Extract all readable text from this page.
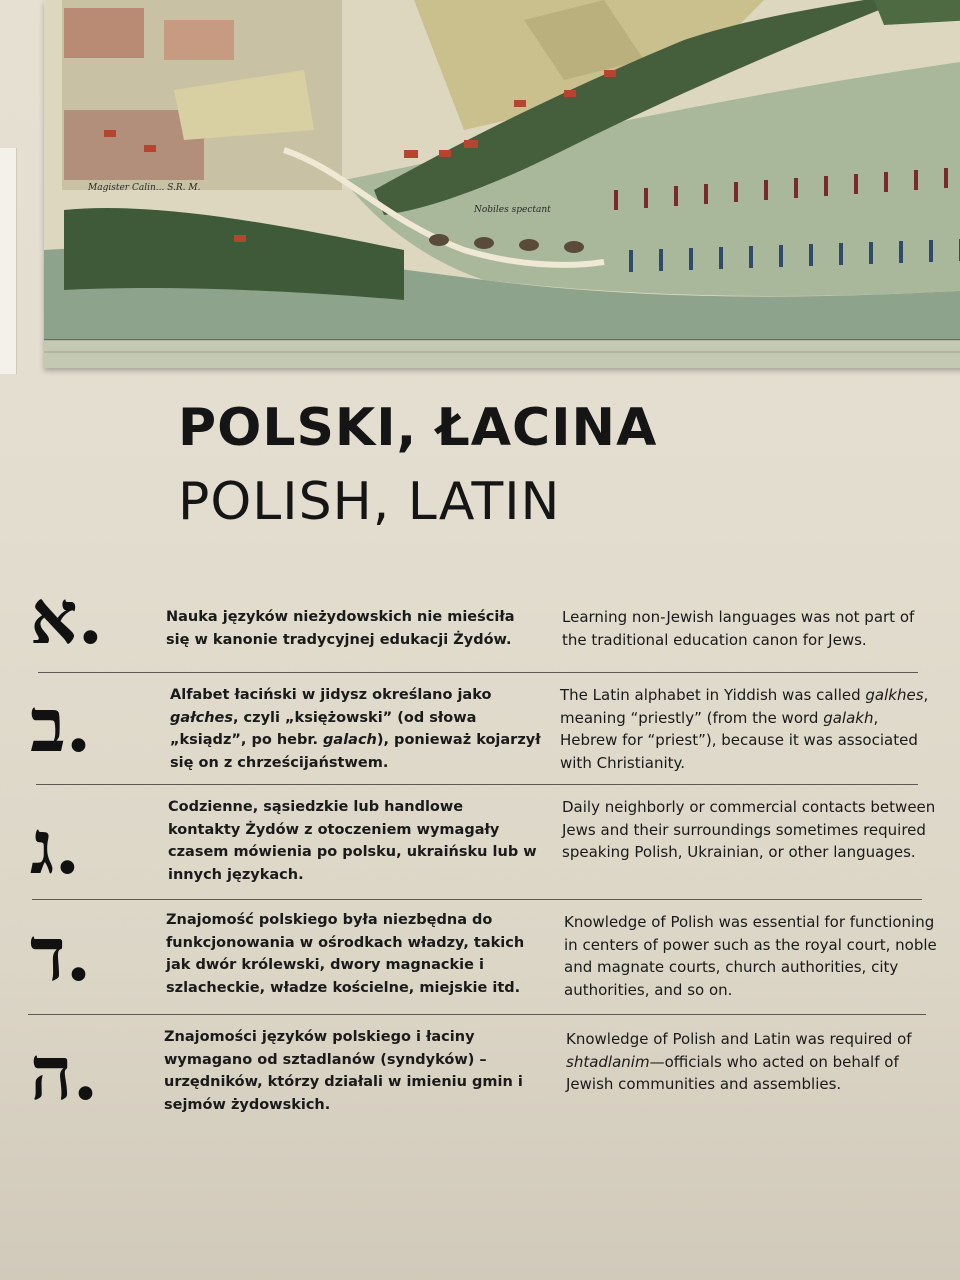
Magister Calin... S.R. M.
Nobiles spectant
POLSKI, ŁACINA
POLISH, LATIN
א.	Nauka języków nieżydowskich nie mieściła się w kanonie tradycyjnej edukacji Żydów.
Learning non-Jewish languages was not part of the traditional education canon for Jews.
ב.	Alfabet łaciński w jidysz określano jako gałches, czyli „księżowski” (od słowa „ksiądz”, po hebr. galach), ponieważ kojarzył się on z chrześcijaństwem.
The Latin alphabet in Yiddish was called galkhes, meaning “priestly” (from the word galakh, Hebrew for “priest”), because it was associated with Christianity.
ג.	Codzienne, sąsiedzkie lub handlowe kontakty Żydów z otoczeniem wymagały czasem mówienia po polsku, ukraińsku lub w innych językach.
Daily neighborly or commercial contacts between Jews and their surroundings sometimes required speaking Polish, Ukrainian, or other languages.
ד.	Znajomość polskiego była niezbędna do funkcjonowania w ośrodkach władzy, takich jak dwór królewski, dwory magnackie i szlacheckie, władze kościelne, miejskie itd.
Knowledge of Polish was essential for functioning in centers of power such as the royal court, noble and magnate courts, church authorities, city authorities, and so on.
ה.	Znajomości języków polskiego i łaciny wymagano od sztadlanów (syndyków) – urzędników, którzy działali w imieniu gmin i sejmów żydowskich.
Knowledge of Polish and Latin was required of shtadlanim—officials who acted on behalf of Jewish communities and assemblies.
